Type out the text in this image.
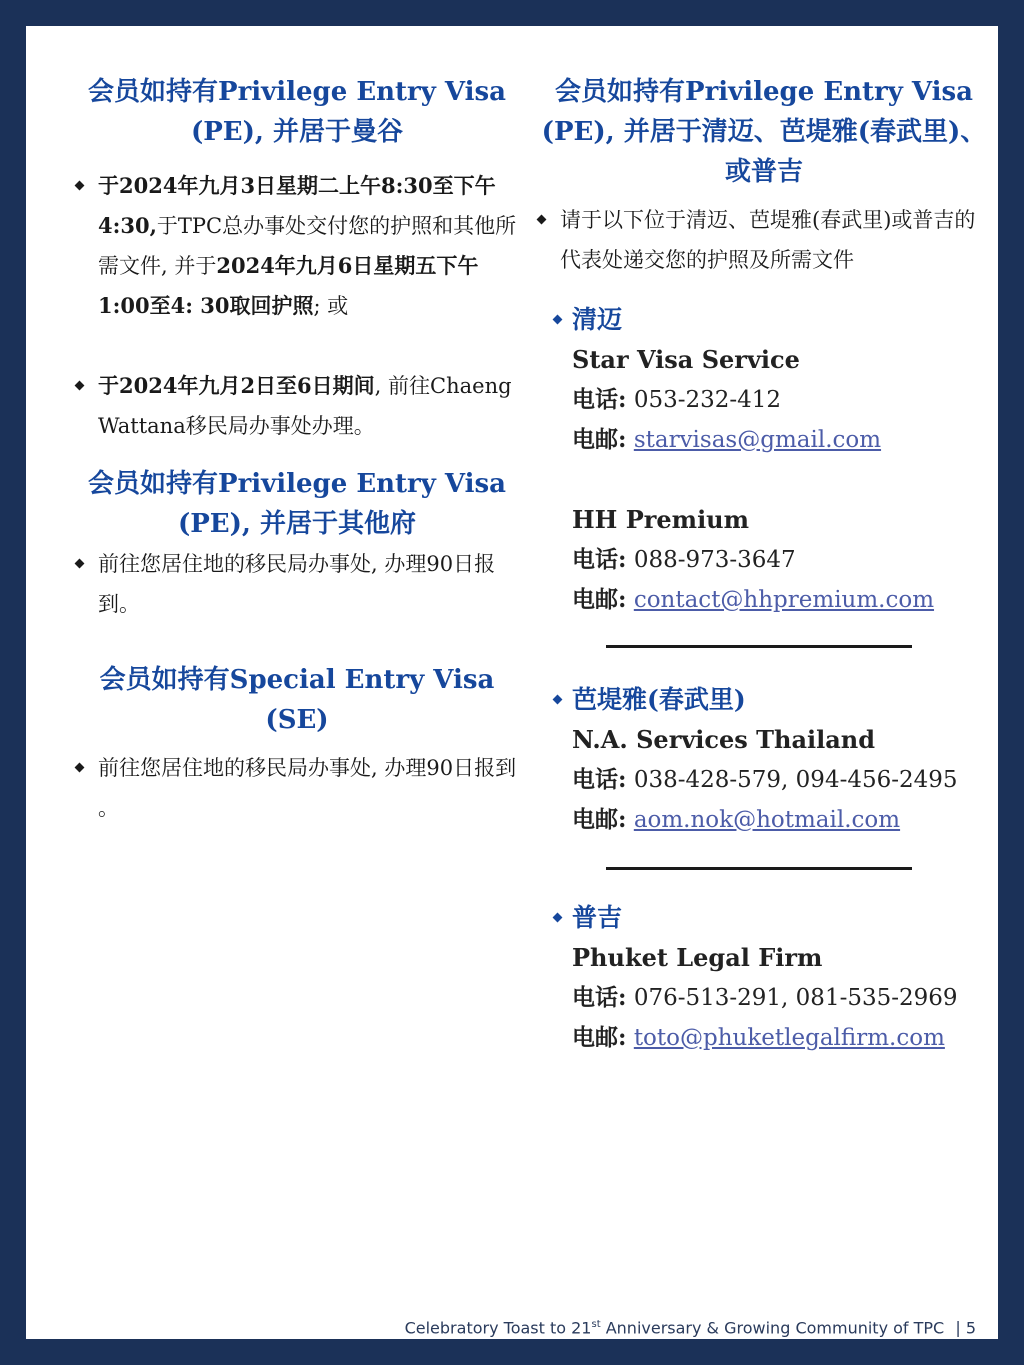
会员如持有Privilege Entry Visa
(PE), 并居于曼谷

于2024年九月3日星期二上午8:30至下午4:30,于TPC总办事处交付您的护照和其他所需文件, 并于2024年九月6日星期五下午1:00至4: 30取回护照; 或

于2024年九月2日至6日期间, 前往Chaeng Wattana移民局办事处办理。

会员如持有Privilege Entry Visa
(PE), 并居于其他府

前往您居住地的移民局办事处, 办理90日报到。

会员如持有Special Entry Visa (SE)

前往您居住地的移民局办事处, 办理90日报到 。

会员如持有Privilege Entry Visa
(PE), 并居于清迈、芭堤雅(春武里)、
或普吉

请于以下位于清迈、芭堤雅(春武里)或普吉的代表处递交您的护照及所需文件

清迈
Star Visa Service
电话: 053-232-412
电邮: starvisas@gmail.com
HH Premium
电话: 088-973-3647
电邮: contact@hhpremium.com
芭堤雅(春武里)
N.A. Services Thailand
电话: 038-428-579, 094-456-2495
电邮: aom.nok@hotmail.com
普吉
Phuket Legal Firm
电话: 076-513-291, 081-535-2969
电邮: toto@phuketlegalfirm.com
Celebratory Toast to 21st Anniversary & Growing Community of TPC | 5
